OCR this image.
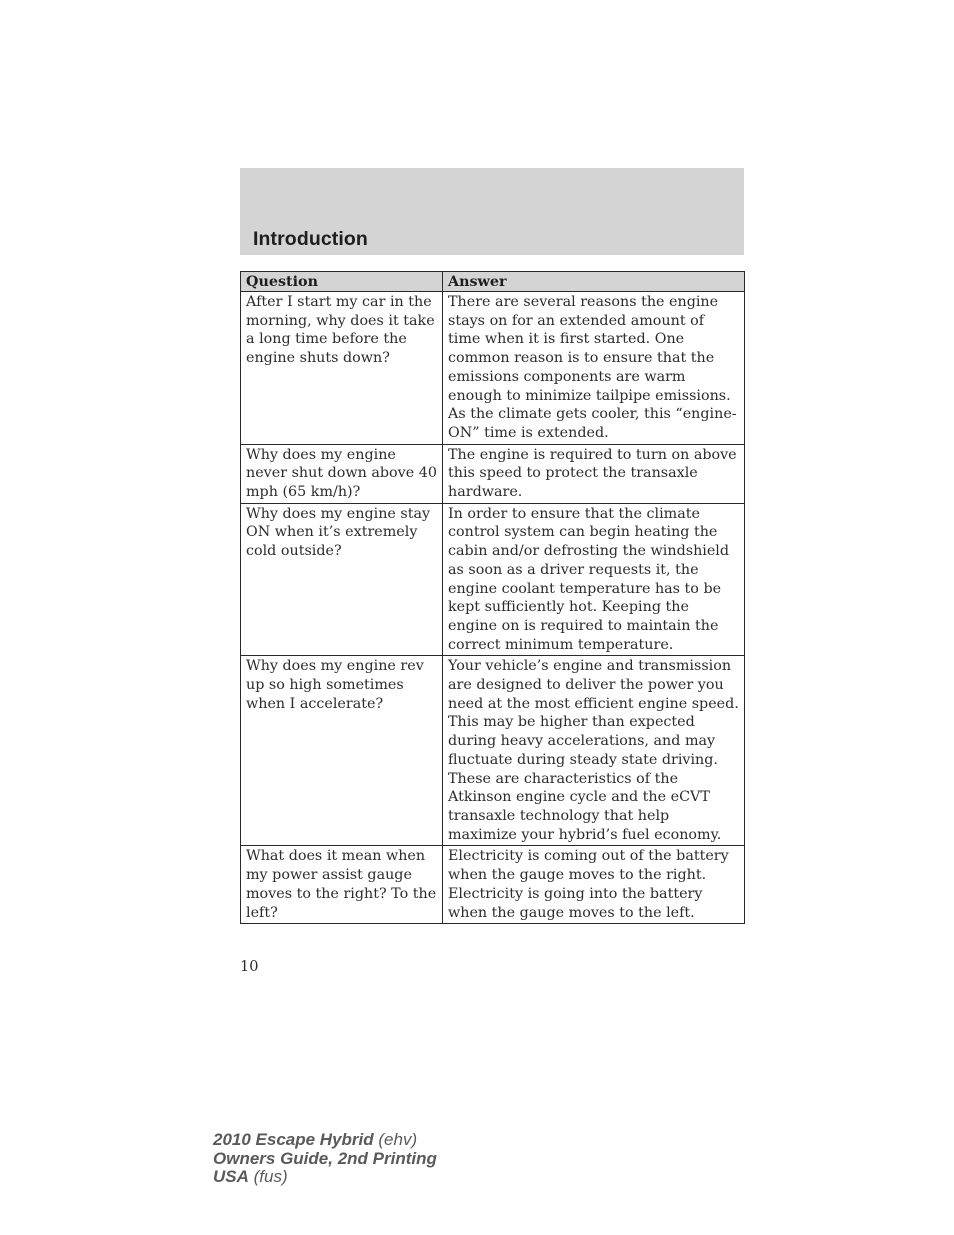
Introduction
Question	Answer
After I start my car in the morning, why does it take a long time before the engine shuts down?	There are several reasons the engine stays on for an extended amount of time when it is first started. One common reason is to ensure that the emissions components are warm enough to minimize tailpipe emissions. As the climate gets cooler, this “engine-ON” time is extended.
Why does my engine never shut down above 40 mph (65 km/h)?	The engine is required to turn on above this speed to protect the transaxle hardware.
Why does my engine stay ON when it’s extremely cold outside?	In order to ensure that the climate control system can begin heating the cabin and/or defrosting the windshield as soon as a driver requests it, the engine coolant temperature has to be kept sufficiently hot. Keeping the engine on is required to maintain the correct minimum temperature.
Why does my engine rev up so high sometimes when I accelerate?	Your vehicle’s engine and transmission are designed to deliver the power you need at the most efficient engine speed. This may be higher than expected during heavy accelerations, and may fluctuate during steady state driving. These are characteristics of the Atkinson engine cycle and the eCVT transaxle technology that help maximize your hybrid’s fuel economy.
What does it mean when my power assist gauge moves to the right? To the left?	Electricity is coming out of the battery when the gauge moves to the right. Electricity is going into the battery when the gauge moves to the left.
10
2010 Escape Hybrid (ehv)
Owners Guide, 2nd Printing
USA (fus)
